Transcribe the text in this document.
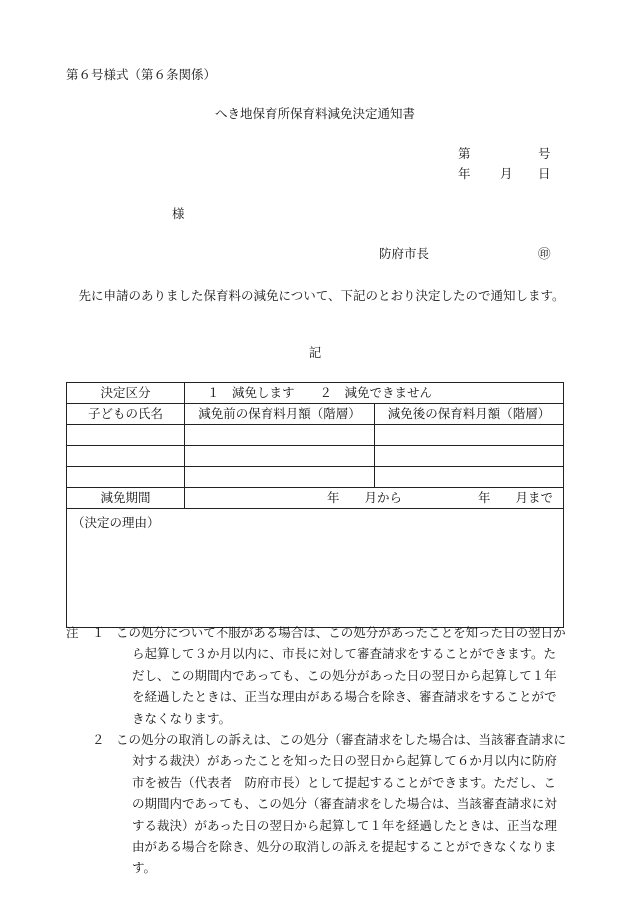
第６号様式（第６条関係）
へき地保育所保育料減免決定通知書
第	号
年 月 日
様
防府市長	㊞
先に申請のありました保育料の減免について、下記のとおり決定したので通知します。
記
決定区分	１　減免します　　２　減免できません	
子どもの氏名	減免前の保育料月額（階層）	減免後の保育料月額（階層）

減免期間	年　　月から 年　　月まで	
（決定の理由）		
注 １ この処分について不服がある場合は、この処分があったことを知った日の翌日から起算して３か月以内に、市長に対して審査請求をすることができます。ただし、この期間内であっても、この処分があった日の翌日から起算して１年を経過したときは、正当な理由がある場合を除き、審査請求をすることができなくなります。
２ この処分の取消しの訴えは、この処分（審査請求をした場合は、当該審査請求に対する裁決）があったことを知った日の翌日から起算して６か月以内に防府市を被告（代表者　防府市長）として提起することができます。ただし、この期間内であっても、この処分（審査請求をした場合は、当該審査請求に対する裁決）があった日の翌日から起算して１年を経過したときは、正当な理由がある場合を除き、処分の取消しの訴えを提起することができなくなります。
